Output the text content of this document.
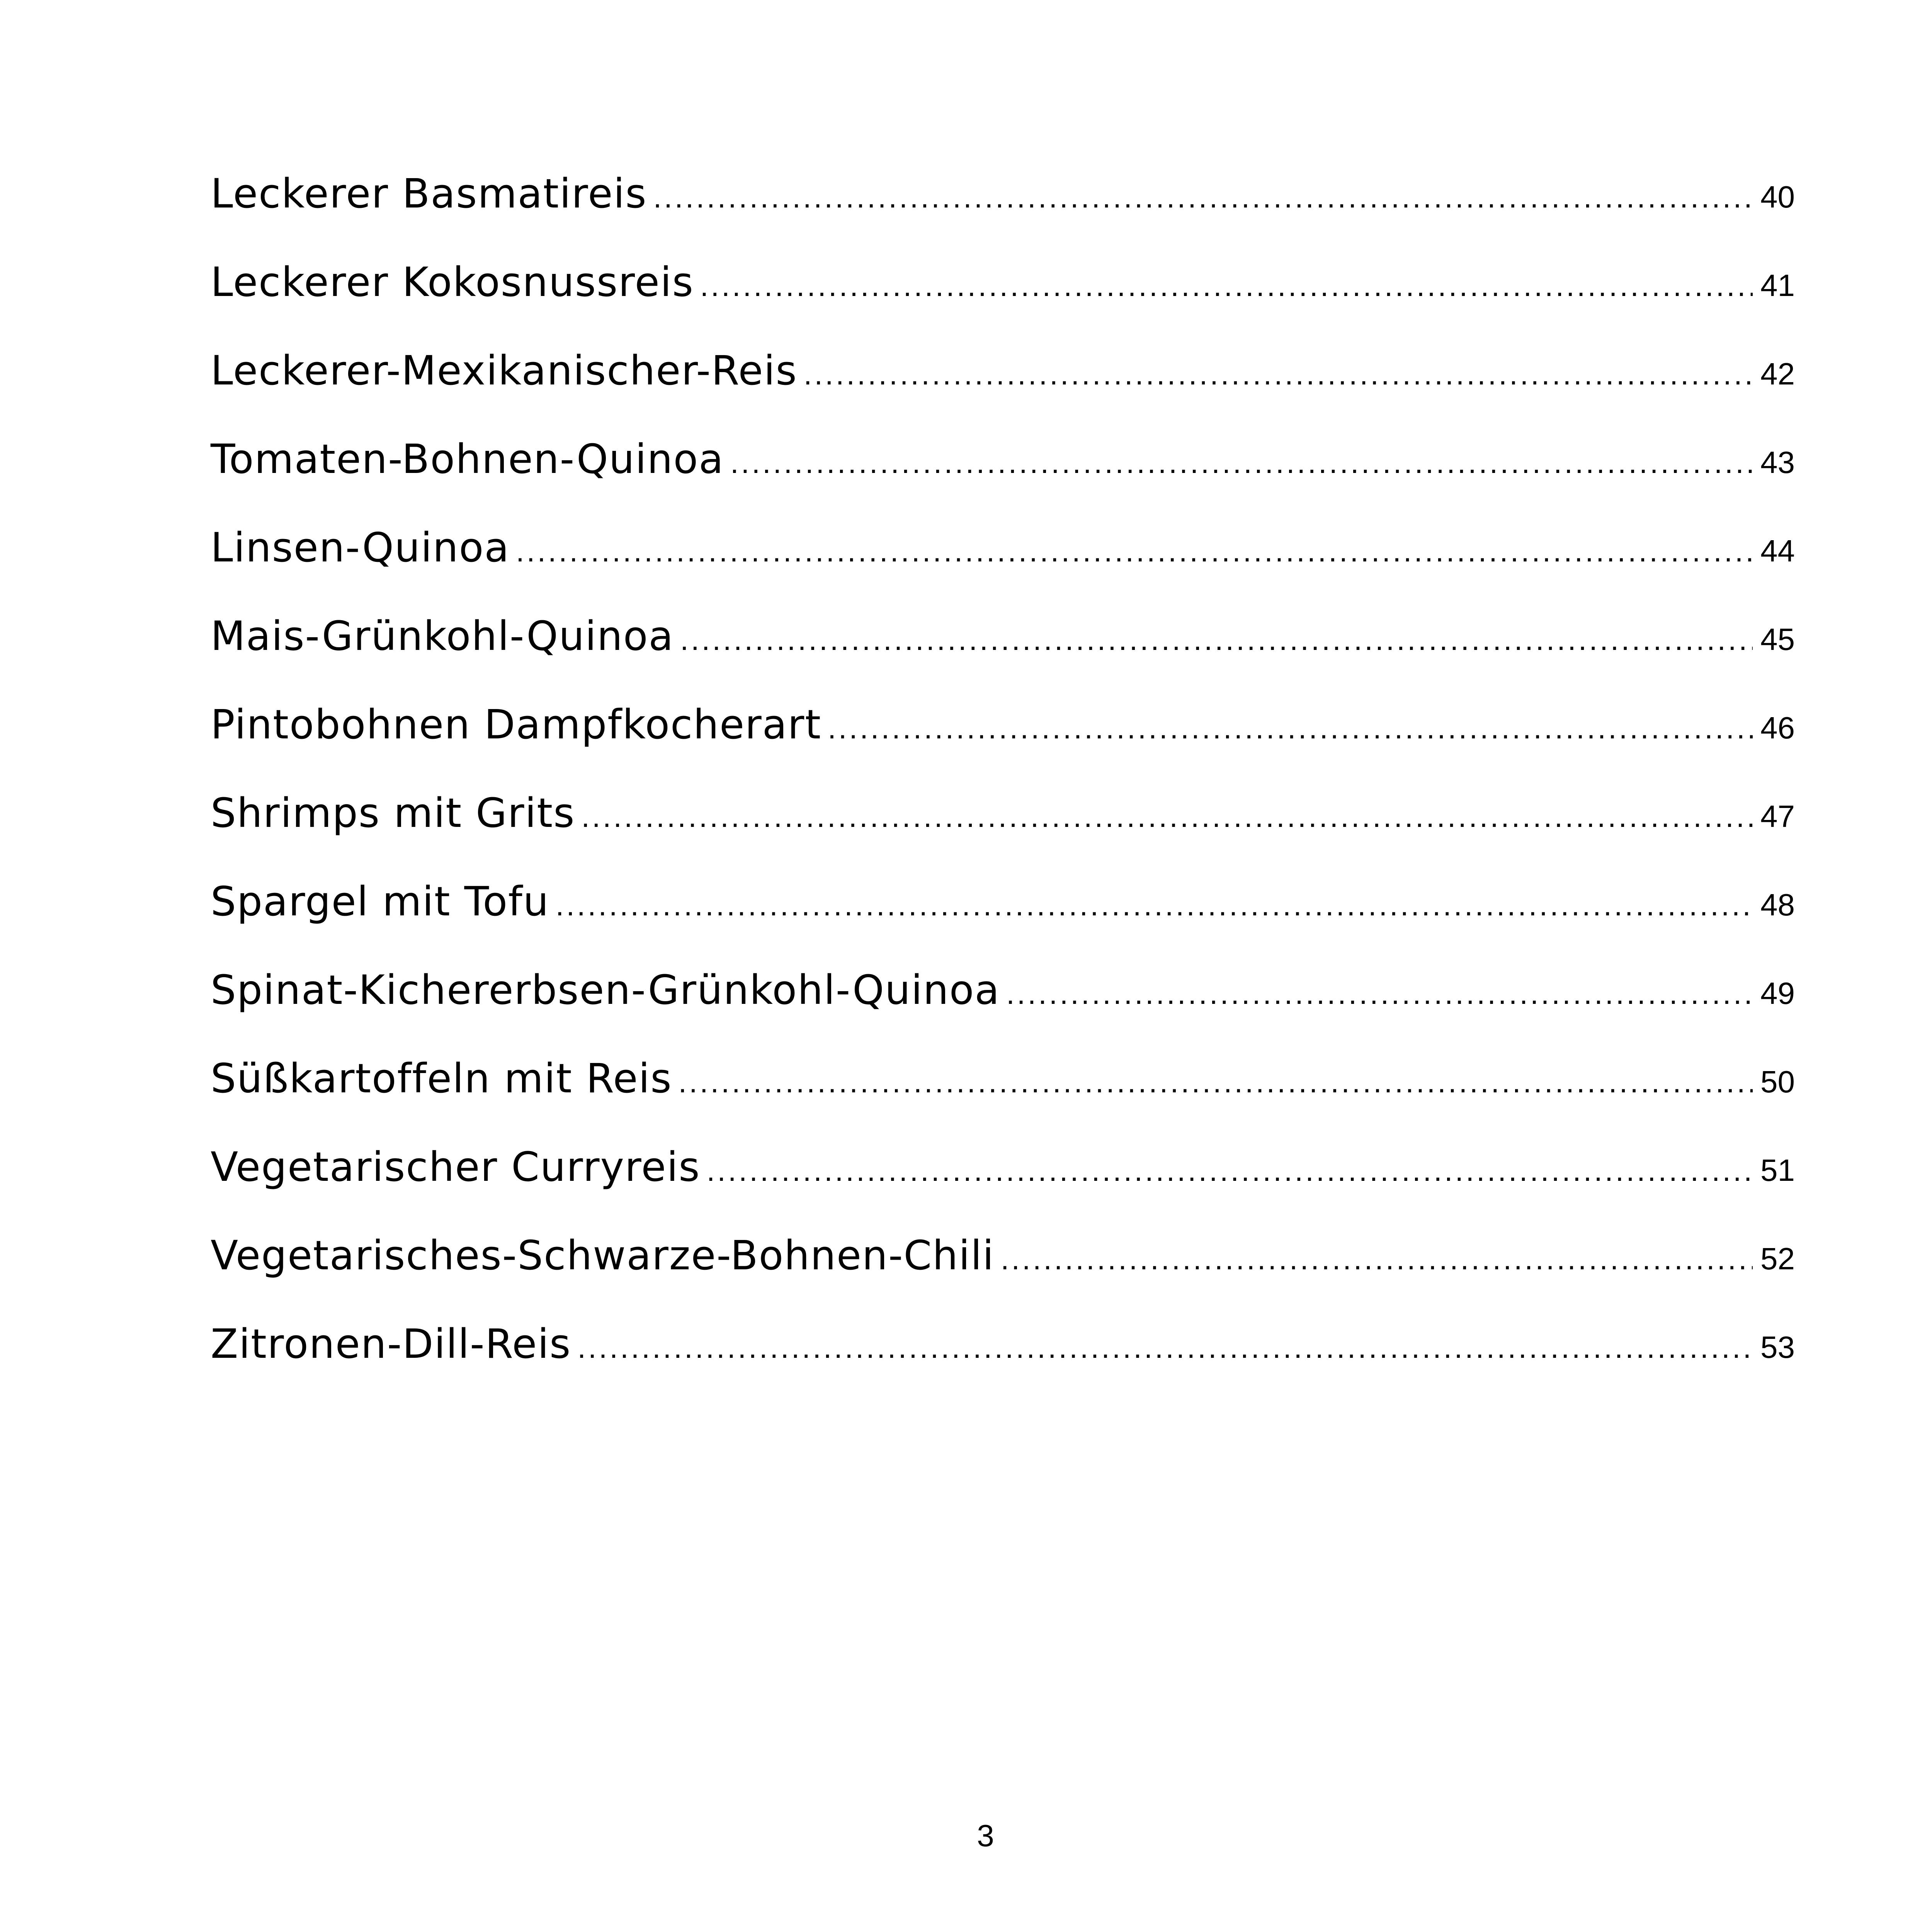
Leckerer Basmatireis .....	40
Leckerer Kokosnussreis .....	41
Leckerer-Mexikanischer-Reis .....	42
Tomaten-Bohnen-Quinoa .....	43
Linsen-Quinoa .....	44
Mais-Grünkohl-Quinoa .....	45
Pintobohnen Dampfkocherart .....	46
Shrimps mit Grits .....	47
Spargel mit Tofu .....	48
Spinat-Kichererbsen-Grünkohl-Quinoa .....	49
Süßkartoffeln mit Reis .....	50
Vegetarischer Curryreis .....	51
Vegetarisches-Schwarze-Bohnen-Chili .....	52
Zitronen-Dill-Reis .....	53
3
